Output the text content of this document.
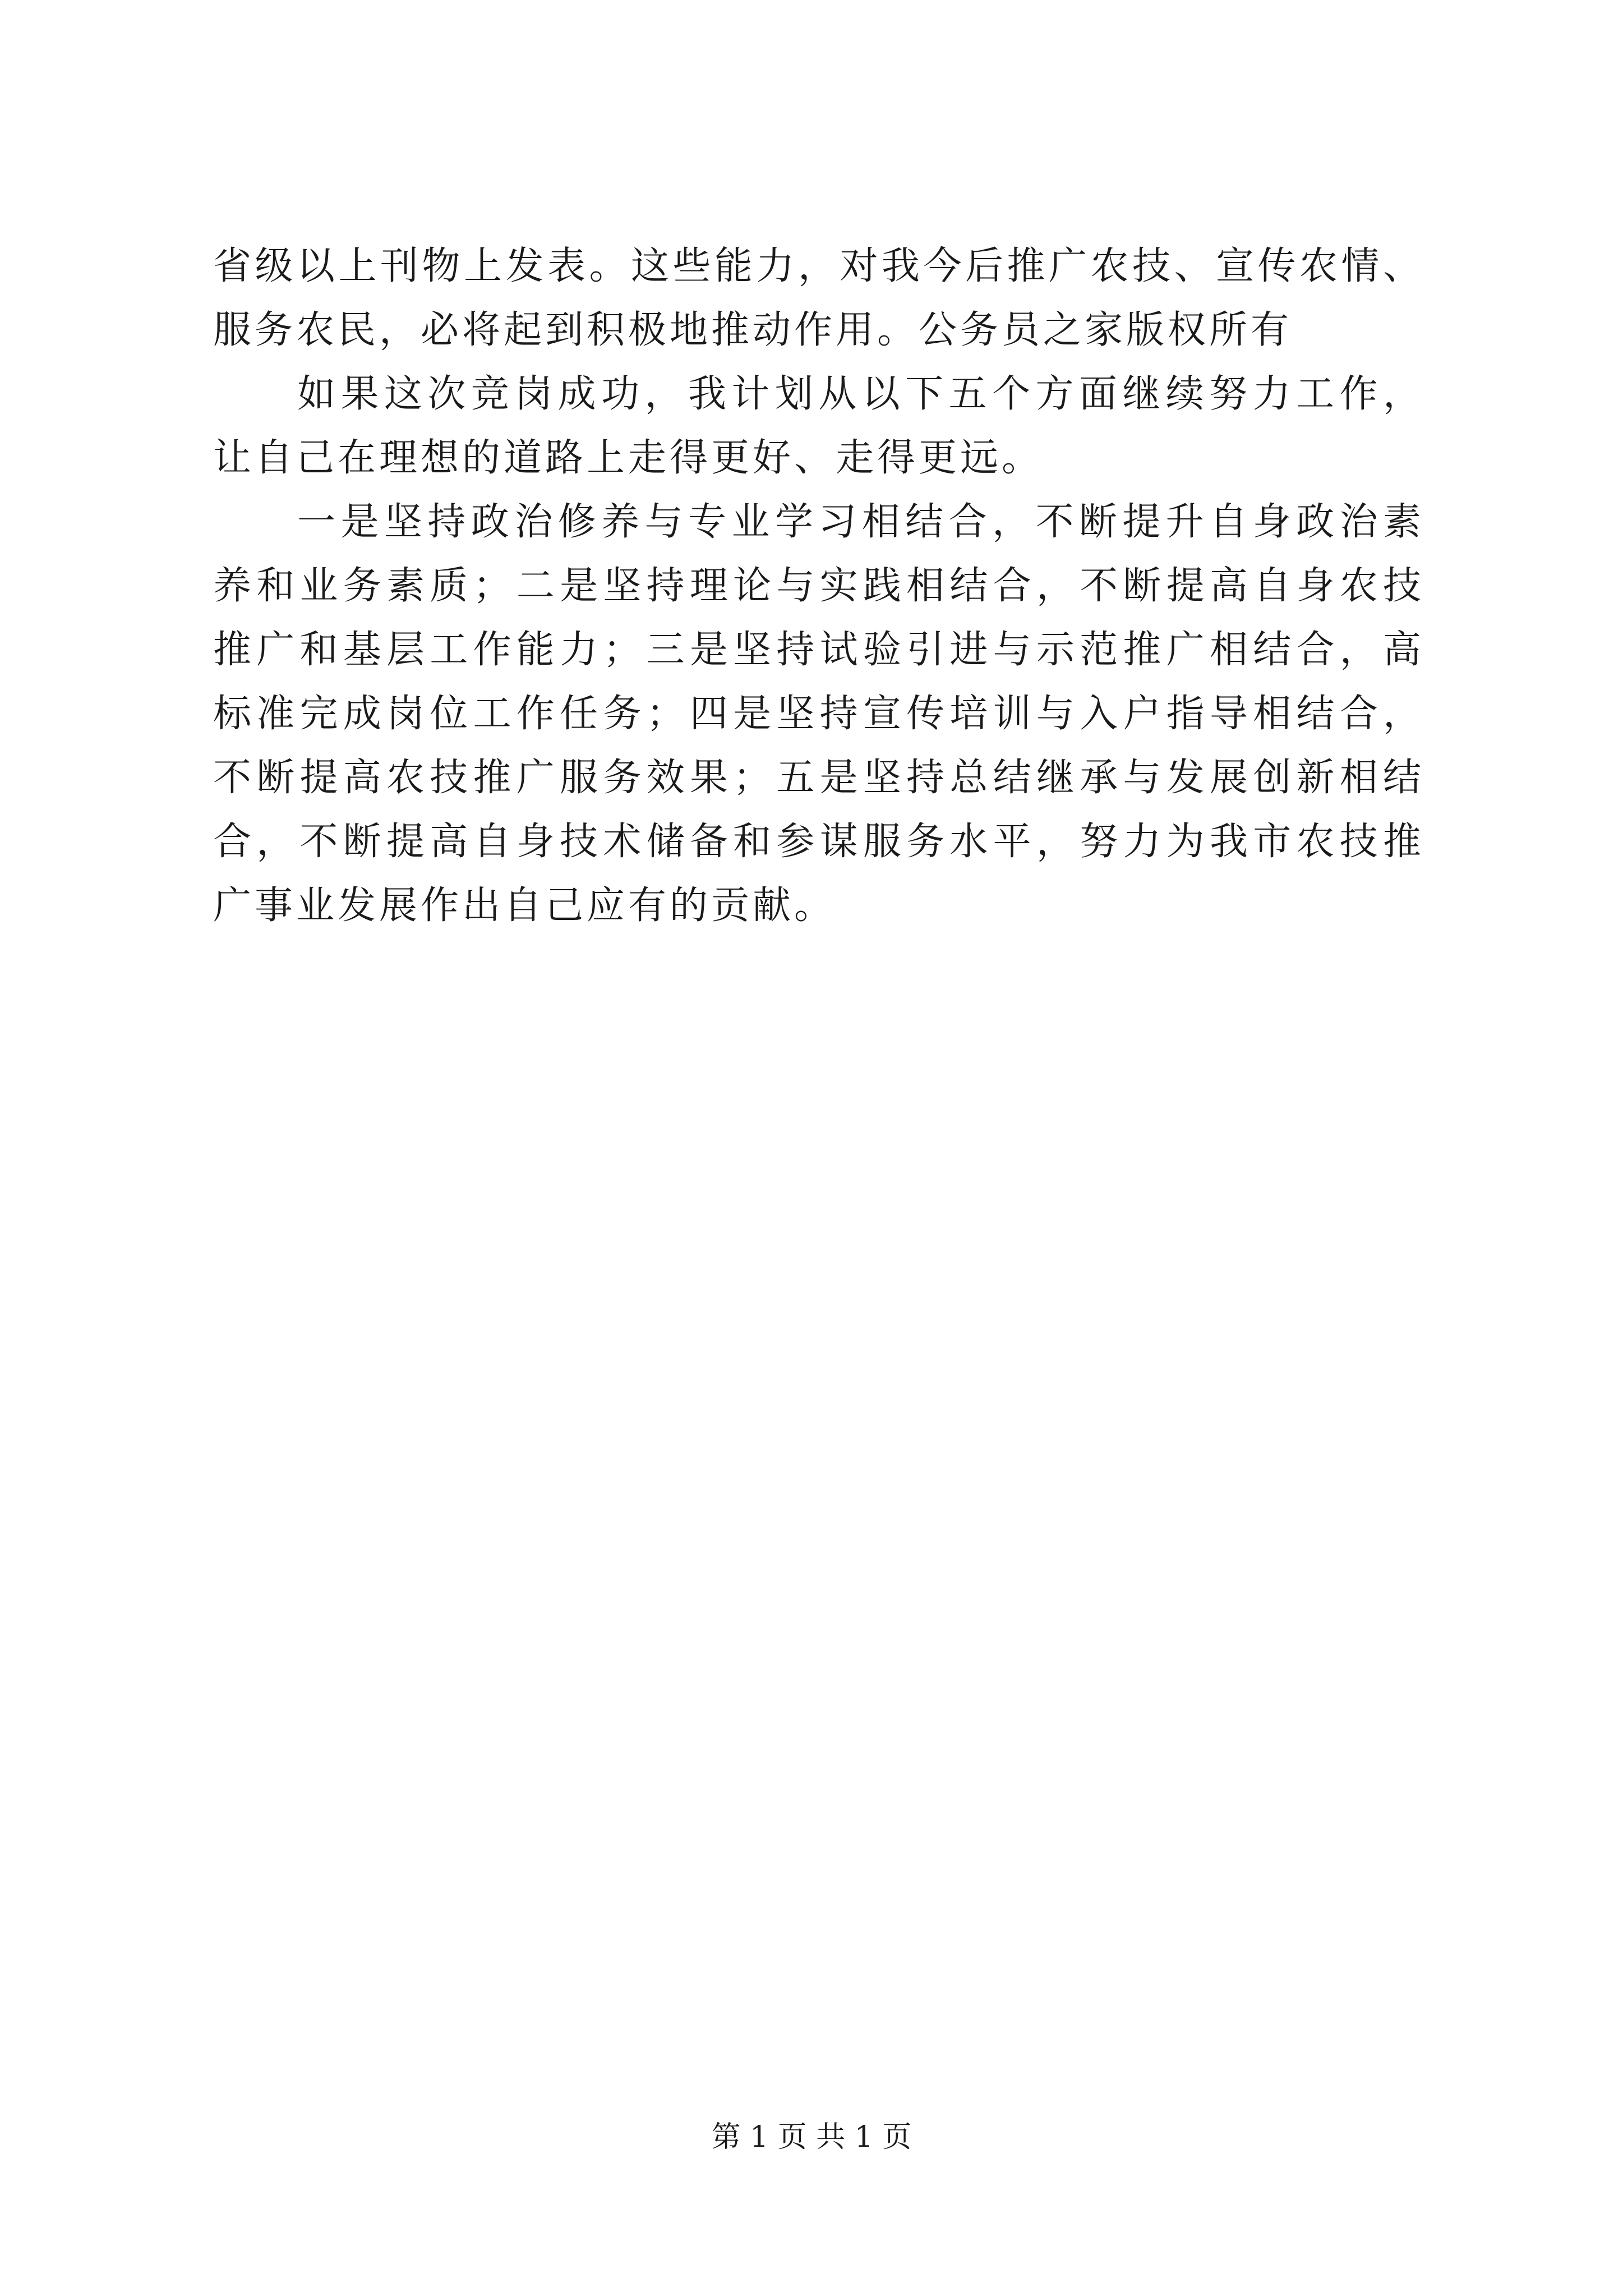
省级以上刊物上发表。这些能力，对我今后推广农技、宣传农情、
服务农民，必将起到积极地推动作用。公务员之家版权所有
如果这次竞岗成功，我计划从以下五个方面继续努力工作，
让自己在理想的道路上走得更好、走得更远。
一是坚持政治修养与专业学习相结合，不断提升自身政治素
养和业务素质；二是坚持理论与实践相结合，不断提高自身农技
推广和基层工作能力；三是坚持试验引进与示范推广相结合，高
标准完成岗位工作任务；四是坚持宣传培训与入户指导相结合，
不断提高农技推广服务效果；五是坚持总结继承与发展创新相结
合，不断提高自身技术储备和参谋服务水平，努力为我市农技推
广事业发展作出自己应有的贡献。
第 1 页 共 1 页
